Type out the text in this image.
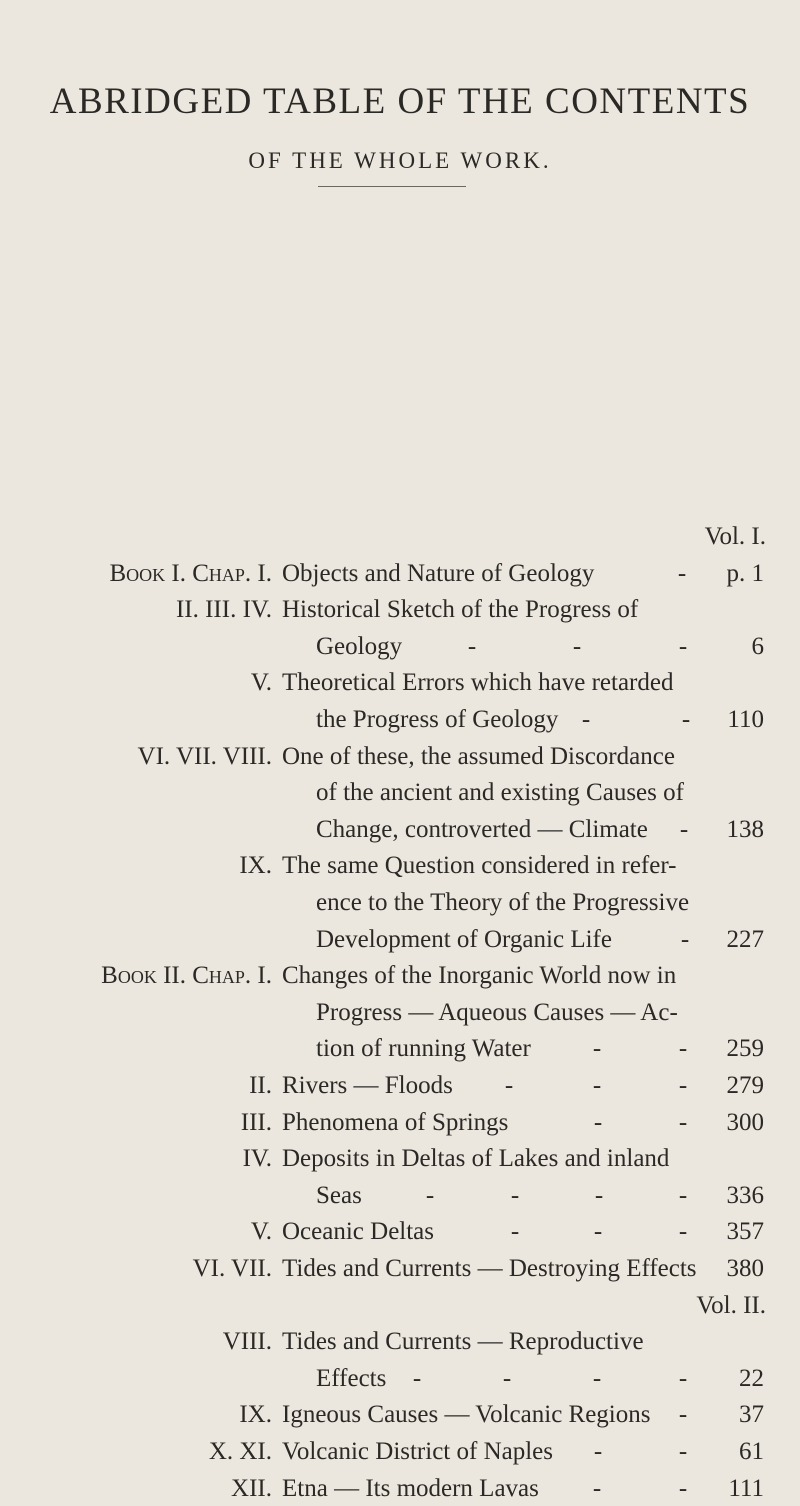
ABRIDGED TABLE OF THE CONTENTS
OF THE WHOLE WORK.
Vol. I.
Book I. Chap. I. Objects and Nature of Geology	- p. 1
II. III. IV. Historical Sketch of the Progress of
Geology	-	-	-	6
V. Theoretical Errors which have retarded
the Progress of Geology -	- 110
VI. VII. VIII. One of these, the assumed Discordance
of the ancient and existing Causes of
Change, controverted — Climate - 138
IX. The same Question considered in refer-
ence to the Theory of the Progressive
Development of Organic Life	- 227
Book II. Chap. I. Changes of the Inorganic World now in
Progress — Aqueous Causes — Ac-
tion of running Water -	- 259
II. Rivers — Floods -	-	- 279
III. Phenomena of Springs	-	- 300
IV. Deposits in Deltas of Lakes and inland
Seas	-	-	-	- 336
V. Oceanic Deltas	-	-	- 357
VI. VII. Tides and Currents — Destroying Effects 380
Vol. II.
VIII. Tides and Currents — Reproductive
Effects -	-	-	- 22
IX. Igneous Causes — Volcanic Regions - 37
X. XI. Volcanic District of Naples -	- 61
XII. Etna — Its modern Lavas -	- 111
